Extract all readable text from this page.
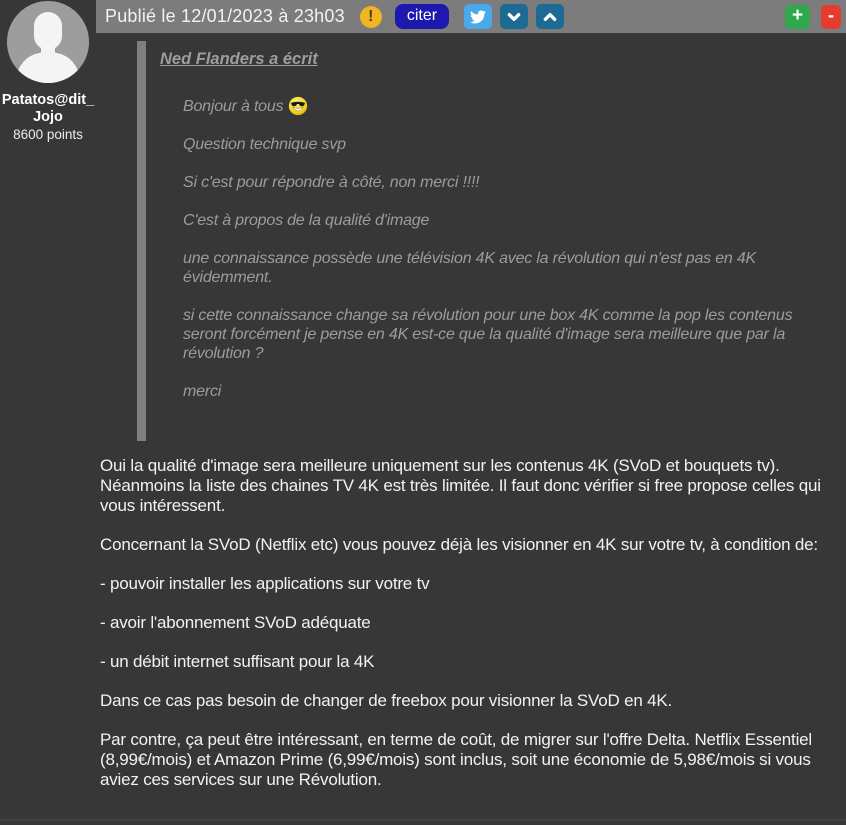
Publié le 12/01/2023 à 23h03 !	citer	+	-
Patatos@dit_
Jojo
8600 points
Ned Flanders a écrit

Bonjour à tous

Question technique svp

Si c'est pour répondre à côté, non merci !!!!

C'est à propos de la qualité d'image

une connaissance possède une télévision 4K avec la révolution qui n'est pas en 4K évidemment.

si cette connaissance change sa révolution pour une box 4K comme la pop les contenus seront forcément je pense en 4K est-ce que la qualité d'image sera meilleure que par la révolution ?

merci

Oui la qualité d'image sera meilleure uniquement sur les contenus 4K (SVoD et bouquets tv). Néanmoins la liste des chaines TV 4K est très limitée. Il faut donc vérifier si free propose celles qui vous intéressent.

Concernant la SVoD (Netflix etc) vous pouvez déjà les visionner en 4K sur votre tv, à condition de:

- pouvoir installer les applications sur votre tv

- avoir l'abonnement SVoD adéquate

- un débit internet suffisant pour la 4K

Dans ce cas pas besoin de changer de freebox pour visionner la SVoD en 4K.

Par contre, ça peut être intéressant, en terme de coût, de migrer sur l'offre Delta. Netflix Essentiel (8,99€/mois) et Amazon Prime (6,99€/mois) sont inclus, soit une économie de 5,98€/mois si vous aviez ces services sur une Révolution.
